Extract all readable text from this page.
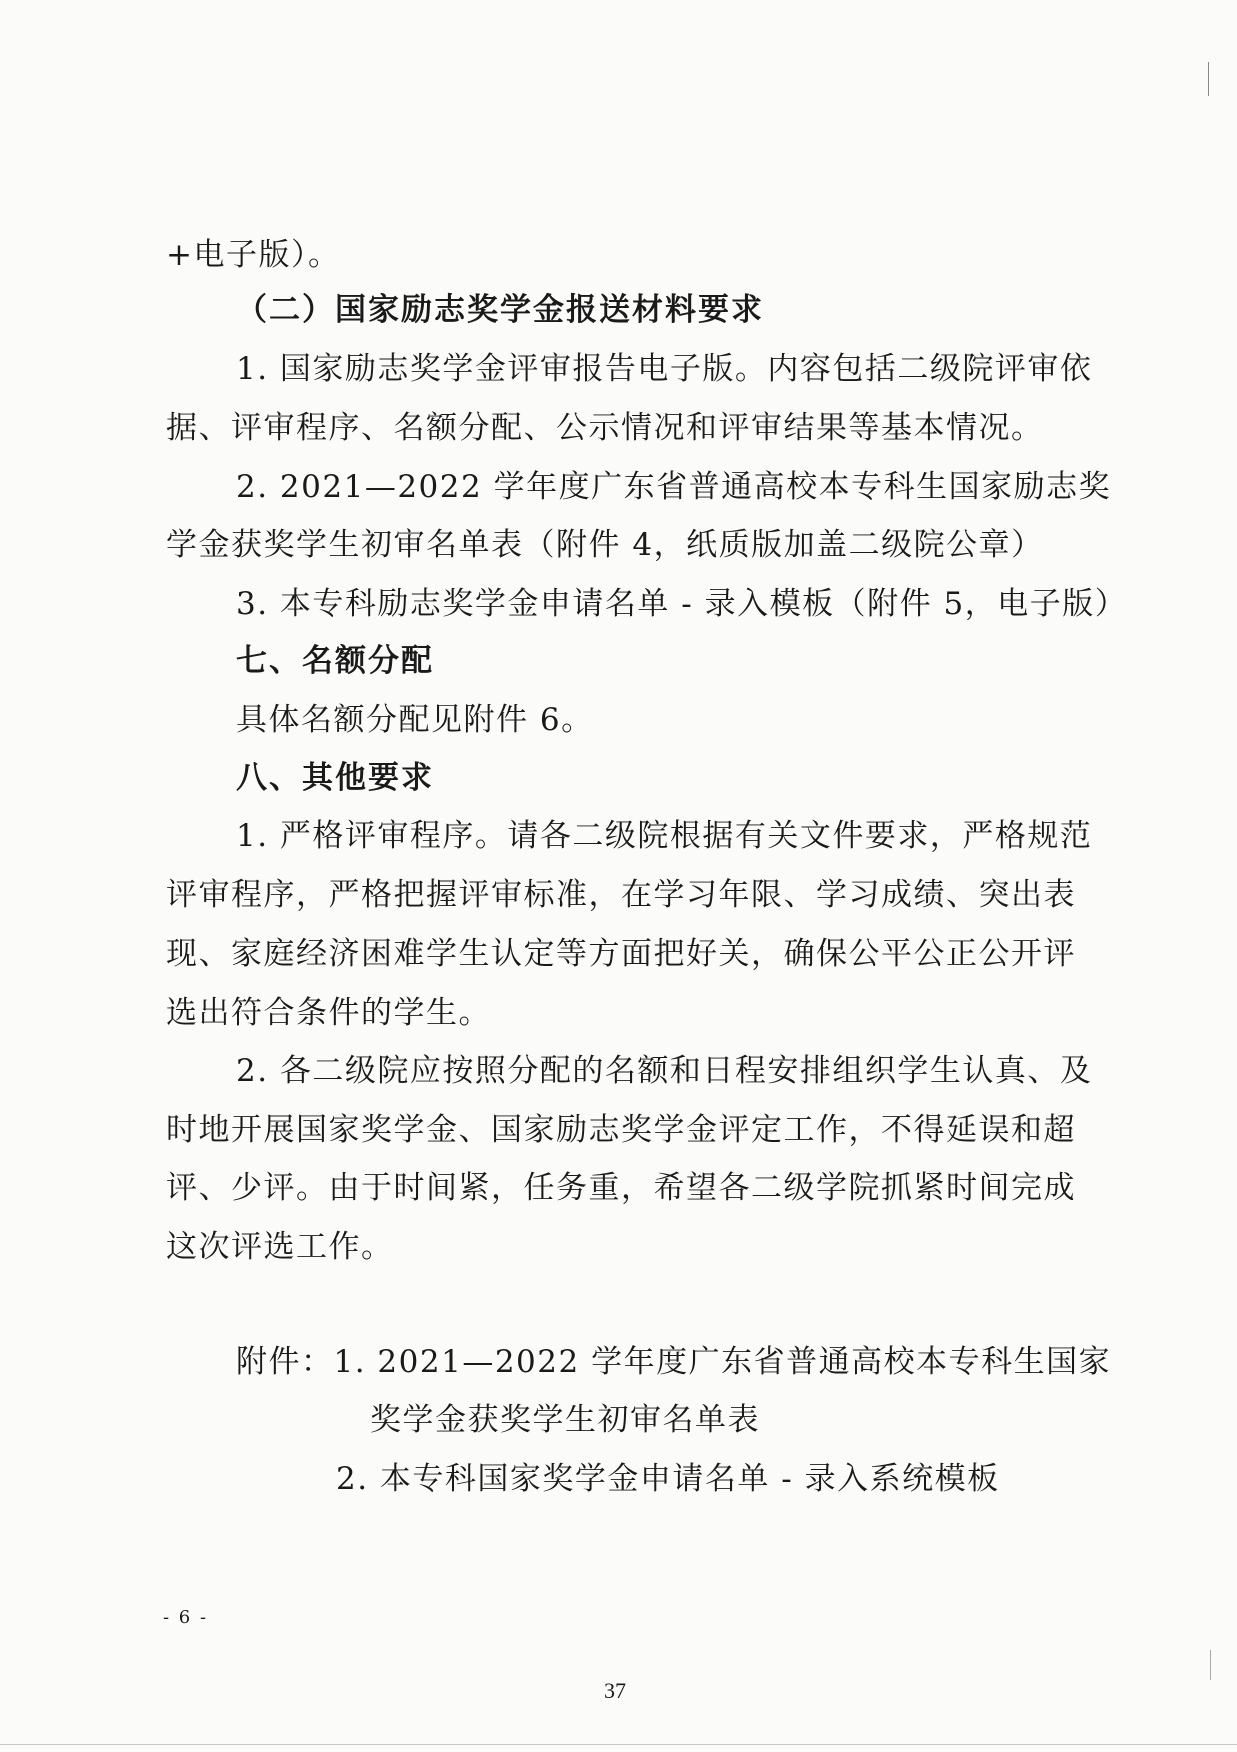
+电子版）。
（二）国家励志奖学金报送材料要求
1. 国家励志奖学金评审报告电子版。内容包括二级院评审依
据、评审程序、名额分配、公示情况和评审结果等基本情况。
2. 2021—2022 学年度广东省普通高校本专科生国家励志奖
学金获奖学生初审名单表（附件 4，纸质版加盖二级院公章）
3. 本专科励志奖学金申请名单 - 录入模板（附件 5，电子版）
七、名额分配
具体名额分配见附件 6。
八、其他要求
1. 严格评审程序。请各二级院根据有关文件要求，严格规范
评审程序，严格把握评审标准，在学习年限、学习成绩、突出表
现、家庭经济困难学生认定等方面把好关，确保公平公正公开评
选出符合条件的学生。
2. 各二级院应按照分配的名额和日程安排组织学生认真、及
时地开展国家奖学金、国家励志奖学金评定工作，不得延误和超
评、少评。由于时间紧，任务重，希望各二级学院抓紧时间完成
这次评选工作。
附件：1. 2021—2022 学年度广东省普通高校本专科生国家
奖学金获奖学生初审名单表
2. 本专科国家奖学金申请名单 - 录入系统模板
- 6 -
37
